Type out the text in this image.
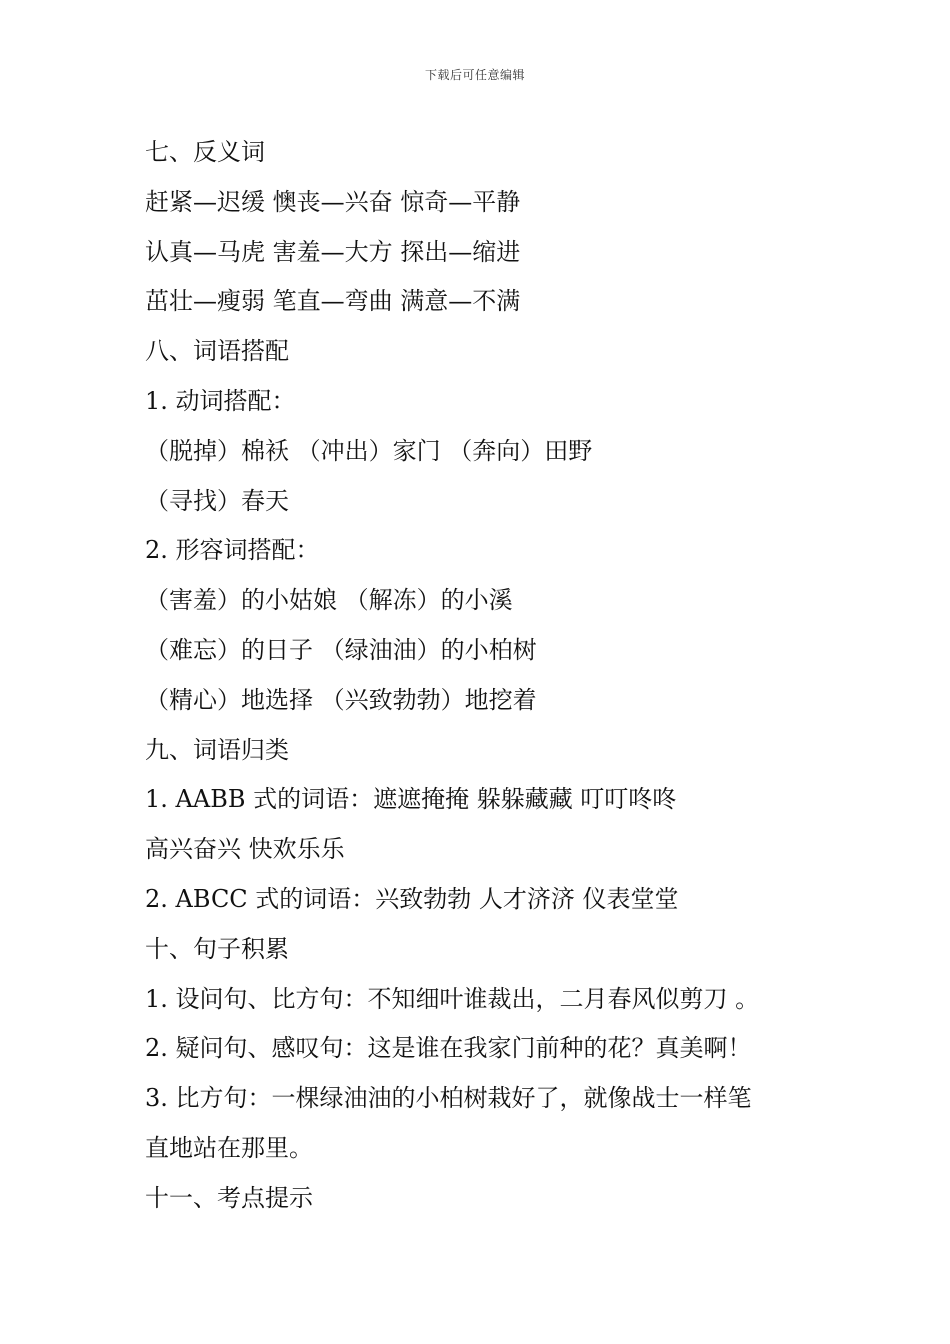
下载后可任意编辑
七、反义词
赶紧—迟缓 懊丧—兴奋 惊奇—平静
认真—马虎 害羞—大方 探出—缩进
茁壮—瘦弱 笔直—弯曲 满意—不满
八、词语搭配
1. 动词搭配：
（脱掉）棉袄 （冲出）家门 （奔向）田野
（寻找）春天
2. 形容词搭配：
（害羞）的小姑娘 （解冻）的小溪
（难忘）的日子 （绿油油）的小柏树
（精心）地选择 （兴致勃勃）地挖着
九、词语归类
1. AABB 式的词语：遮遮掩掩 躲躲藏藏 叮叮咚咚
高兴奋兴 快欢乐乐
2. ABCC 式的词语：兴致勃勃 人才济济 仪表堂堂
十、句子积累
1. 设问句、比方句：不知细叶谁裁出，二月春风似剪刀 。
2. 疑问句、感叹句：这是谁在我家门前种的花？真美啊！
3. 比方句：一棵绿油油的小柏树栽好了，就像战士一样笔
直地站在那里。
十一、考点提示
